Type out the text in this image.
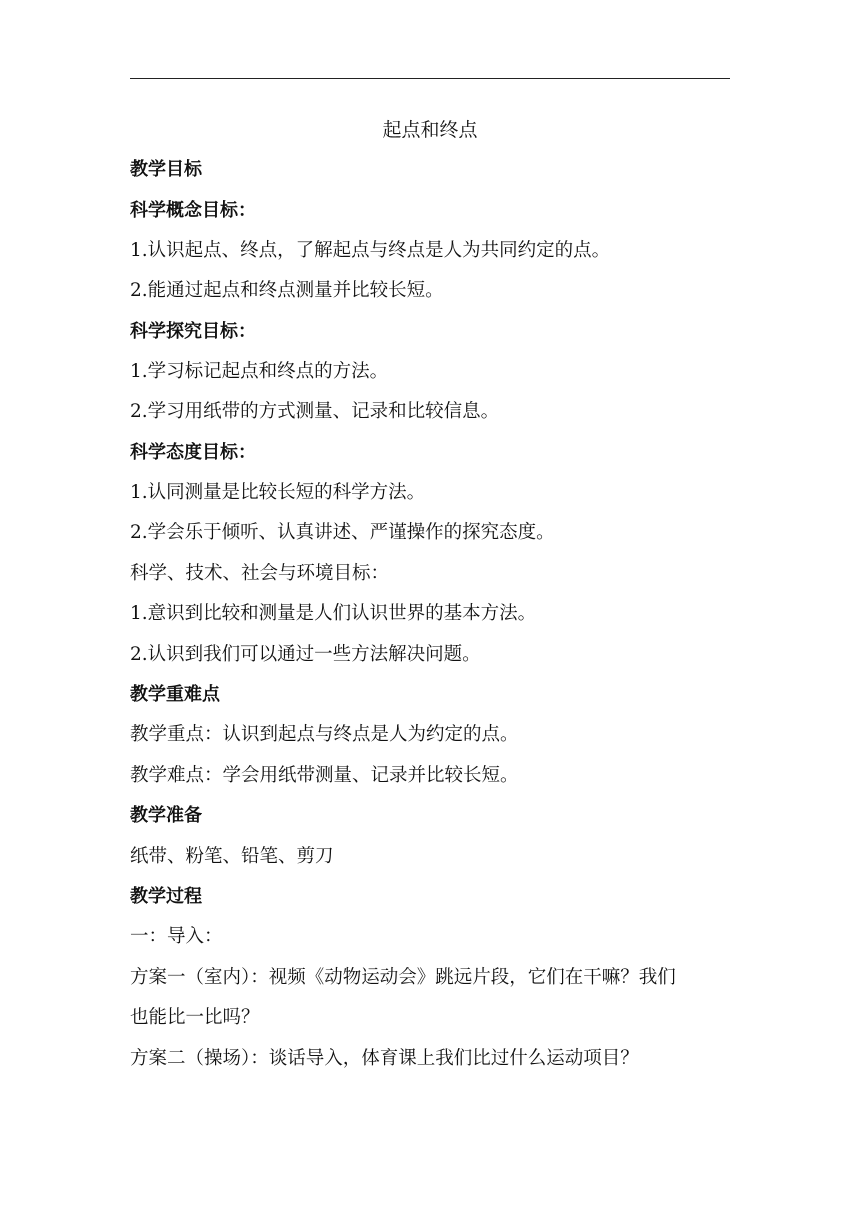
起点和终点
教学目标
科学概念目标：
1.认识起点、终点，了解起点与终点是人为共同约定的点。
2.能通过起点和终点测量并比较长短。
科学探究目标：
1.学习标记起点和终点的方法。
2.学习用纸带的方式测量、记录和比较信息。
科学态度目标：
1.认同测量是比较长短的科学方法。
2.学会乐于倾听、认真讲述、严谨操作的探究态度。
科学、技术、社会与环境目标：
1.意识到比较和测量是人们认识世界的基本方法。
2.认识到我们可以通过一些方法解决问题。
教学重难点
教学重点：认识到起点与终点是人为约定的点。
教学难点：学会用纸带测量、记录并比较长短。
教学准备
纸带、粉笔、铅笔、剪刀
教学过程
一：导入：
方案一（室内）：视频《动物运动会》跳远片段，它们在干嘛？我们
也能比一比吗？
方案二（操场）：谈话导入，体育课上我们比过什么运动项目？
